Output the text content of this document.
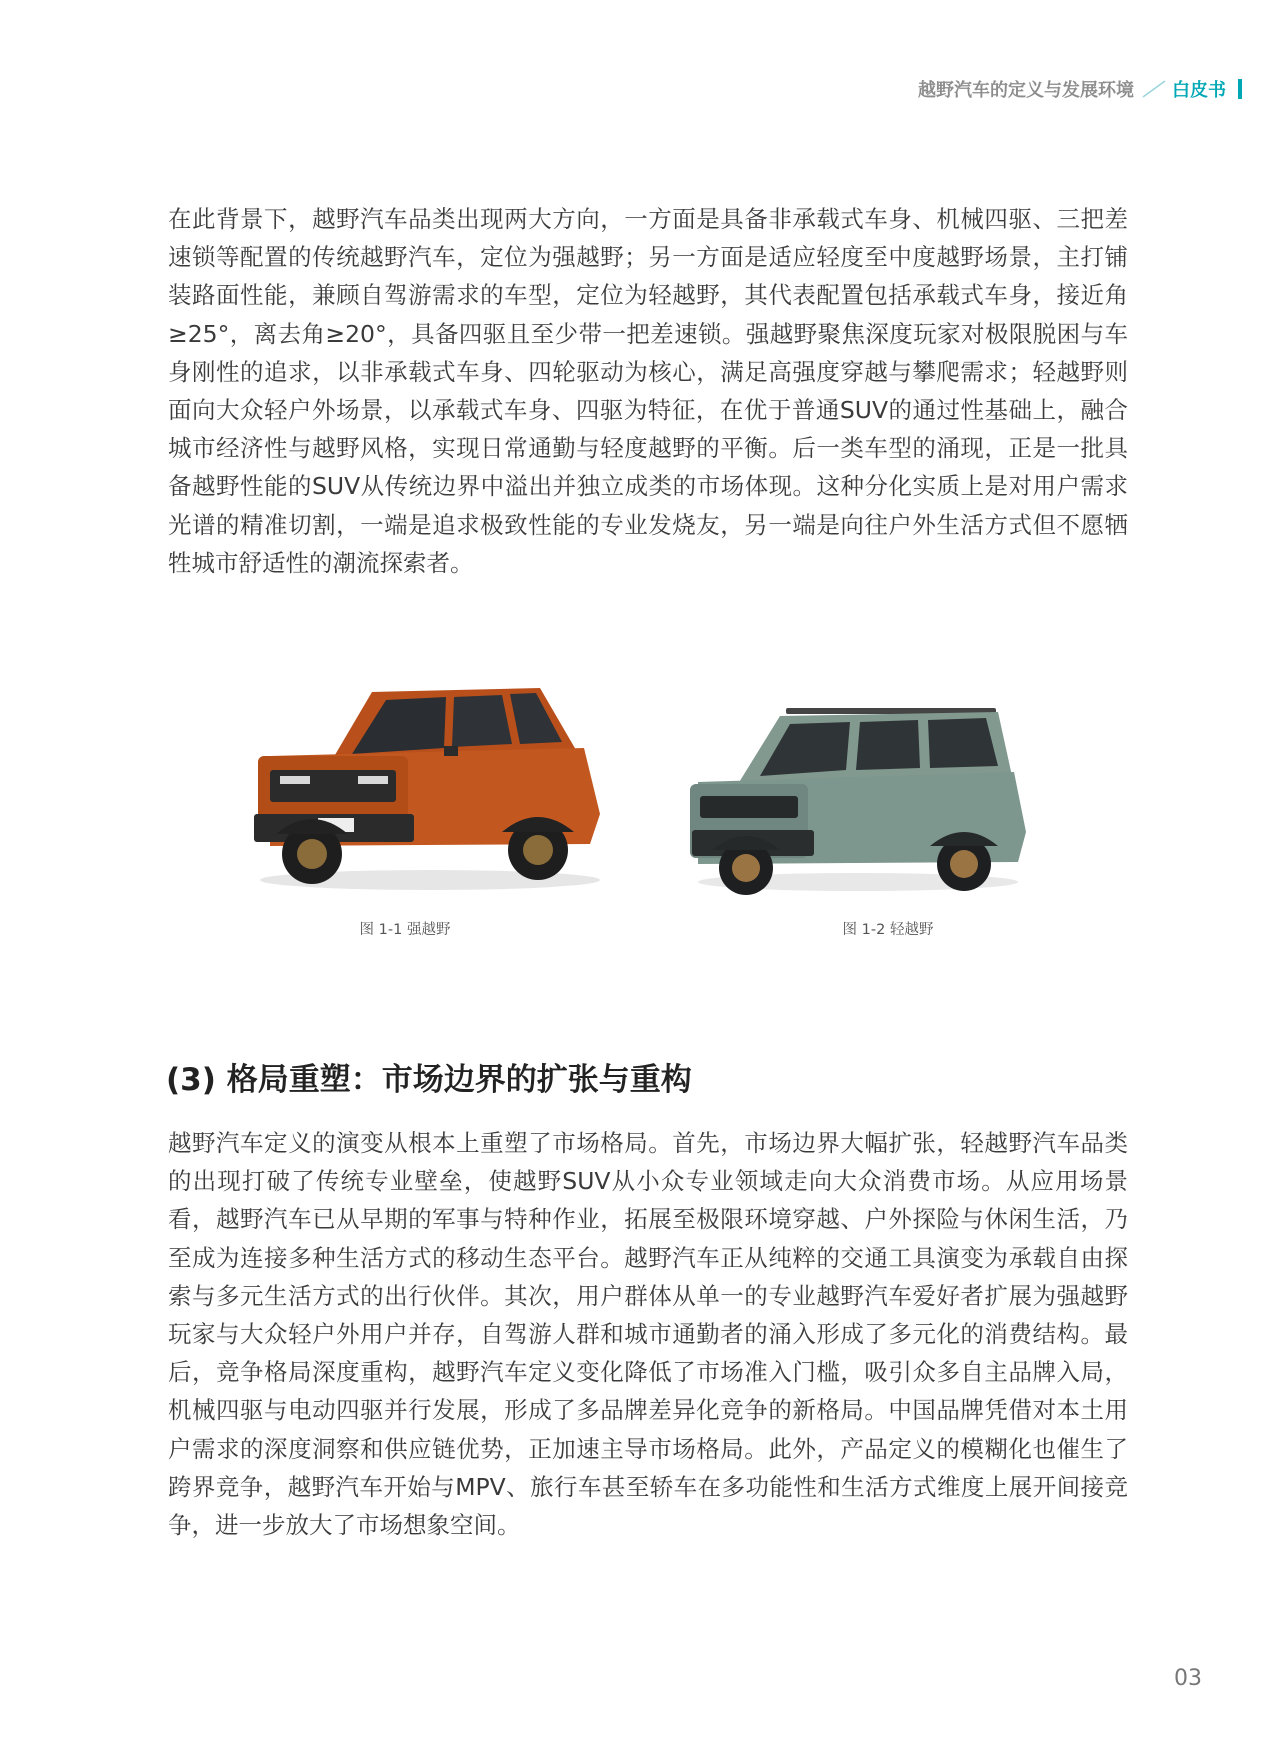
越野汽车的定义与发展环境 白皮书

在此背景下，越野汽车品类出现两大方向，一方面是具备非承载式车身、机械四驱、三把差速锁等配置的传统越野汽车，定位为强越野；另一方面是适应轻度至中度越野场景，主打铺装路面性能，兼顾自驾游需求的车型，定位为轻越野，其代表配置包括承载式车身，接近角≥25°，离去角≥20°，具备四驱且至少带一把差速锁。强越野聚焦深度玩家对极限脱困与车身刚性的追求，以非承载式车身、四轮驱动为核心，满足高强度穿越与攀爬需求；轻越野则面向大众轻户外场景，以承载式车身、四驱为特征，在优于普通SUV的通过性基础上，融合城市经济性与越野风格，实现日常通勤与轻度越野的平衡。后一类车型的涌现，正是一批具备越野性能的SUV从传统边界中溢出并独立成类的市场体现。这种分化实质上是对用户需求光谱的精准切割，一端是追求极致性能的专业发烧友，另一端是向往户外生活方式但不愿牺牲城市舒适性的潮流探索者。

图 1-1 强越野	图 1-2 轻越野
(3) 格局重塑：市场边界的扩张与重构

越野汽车定义的演变从根本上重塑了市场格局。首先，市场边界大幅扩张，轻越野汽车品类的出现打破了传统专业壁垒，使越野SUV从小众专业领域走向大众消费市场。从应用场景看，越野汽车已从早期的军事与特种作业，拓展至极限环境穿越、户外探险与休闲生活，乃至成为连接多种生活方式的移动生态平台。越野汽车正从纯粹的交通工具演变为承载自由探索与多元生活方式的出行伙伴。其次，用户群体从单一的专业越野汽车爱好者扩展为强越野玩家与大众轻户外用户并存，自驾游人群和城市通勤者的涌入形成了多元化的消费结构。最后，竞争格局深度重构，越野汽车定义变化降低了市场准入门槛，吸引众多自主品牌入局，机械四驱与电动四驱并行发展，形成了多品牌差异化竞争的新格局。中国品牌凭借对本土用户需求的深度洞察和供应链优势，正加速主导市场格局。此外，产品定义的模糊化也催生了跨界竞争，越野汽车开始与MPV、旅行车甚至轿车在多功能性和生活方式维度上展开间接竞争，进一步放大了市场想象空间。

03
